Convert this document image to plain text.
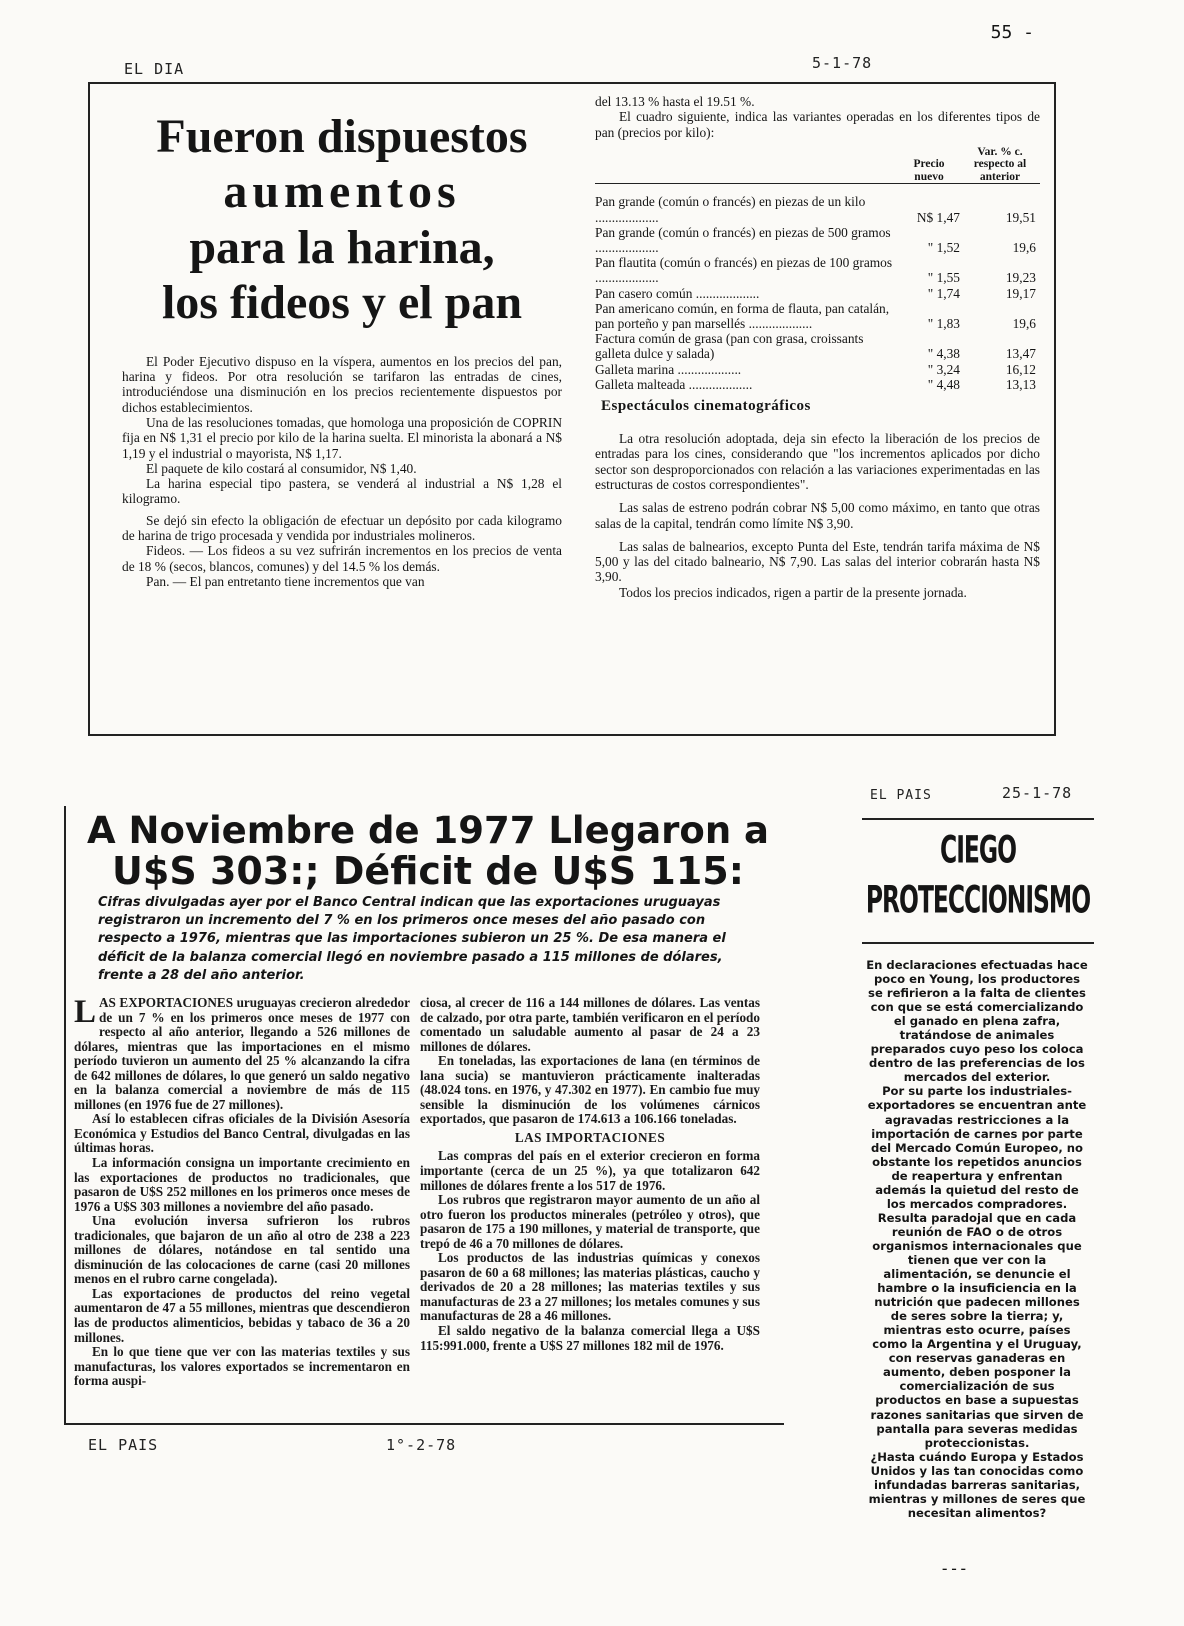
55 -
EL DIA	5-1-78
Fueron dispuestos
aumentos
para la harina,
los fideos y el pan

El Poder Ejecutivo dispuso en la víspera, aumentos en los precios del pan, harina y fideos. Por otra resolución se tarifaron las entradas de cines, introduciéndose una disminución en los precios recientemente dispuestos por dichos establecimientos.

Una de las resoluciones tomadas, que homologa una proposición de COPRIN fija en N$ 1,31 el precio por kilo de la harina suelta. El minorista la abonará a N$ 1,19 y el industrial o mayorista, N$ 1,17.

El paquete de kilo costará al consumidor, N$ 1,40.

La harina especial tipo pastera, se venderá al industrial a N$ 1,28 el kilogramo.

Se dejó sin efecto la obligación de efectuar un depósito por cada kilogramo de harina de trigo procesada y vendida por industriales molineros.

Fideos. — Los fideos a su vez sufrirán incrementos en los precios de venta de 18 % (secos, blancos, comunes) y del 14.5 % los demás.

Pan. — El pan entretanto tiene incrementos que van

del 13.13 % hasta el 19.51 %.

El cuadro siguiente, indica las variantes operadas en los diferentes tipos de pan (precios por kilo):

	Precio nuevo	Var. % c. respecto al anterior
Pan grande (común o francés) en piezas de un kilo ...................	N$ 1,47	19,51
Pan grande (común o francés) en piezas de 500 gramos ...................	" 1,52	19,6
Pan flautita (común o francés) en piezas de 100 gramos ...................	" 1,55	19,23
Pan casero común ...................	" 1,74	19,17
Pan americano común, en forma de flauta, pan catalán, pan porteño y pan marsellés ...................	" 1,83	19,6
Factura común de grasa (pan con grasa, croissants galleta dulce y salada)	" 4,38	13,47
Galleta marina ...................	" 3,24	16,12
Galleta malteada ...................	" 4,48	13,13
Espectáculos cinematográficos

La otra resolución adoptada, deja sin efecto la liberación de los precios de entradas para los cines, considerando que "los incrementos aplicados por dicho sector son desproporcionados con relación a las variaciones experimentadas en las estructuras de costos correspondientes".

Las salas de estreno podrán cobrar N$ 5,00 como máximo, en tanto que otras salas de la capital, tendrán como límite N$ 3,90.

Las salas de balnearios, excepto Punta del Este, tendrán tarifa máxima de N$ 5,00 y las del citado balneario, N$ 7,90. Las salas del interior cobrarán hasta N$ 3,90.

Todos los precios indicados, rigen a partir de la presente jornada.

A Noviembre de 1977 Llegaron a
U$S 303:; Déficit de U$S 115:
Cifras divulgadas ayer por el Banco Central indican que las exportaciones uruguayas registraron un incremento del 7 % en los primeros once meses del año pasado con respecto a 1976, mientras que las importaciones subieron un 25 %. De esa manera el déficit de la balanza comercial llegó en noviembre pasado a 115 millones de dólares, frente a 28 del año anterior.

LAS EXPORTACIONES uruguayas crecieron alrededor de un 7 % en los primeros once meses de 1977 con respecto al año anterior, llegando a 526 millones de dólares, mientras que las importaciones en el mismo período tuvieron un aumento del 25 % alcanzando la cifra de 642 millones de dólares, lo que generó un saldo negativo en la balanza comercial a noviembre de más de 115 millones (en 1976 fue de 27 millones).

Así lo establecen cifras oficiales de la División Asesoría Económica y Estudios del Banco Central, divulgadas en las últimas horas.

La información consigna un importante crecimiento en las exportaciones de productos no tradicionales, que pasaron de U$S 252 millones en los primeros once meses de 1976 a U$S 303 millones a noviembre del año pasado.

Una evolución inversa sufrieron los rubros tradicionales, que bajaron de un año al otro de 238 a 223 millones de dólares, notándose en tal sentido una disminución de las colocaciones de carne (casi 20 millones menos en el rubro carne congelada).

Las exportaciones de productos del reino vegetal aumentaron de 47 a 55 millones, mientras que descendieron las de productos alimenticios, bebidas y tabaco de 36 a 20 millones.

En lo que tiene que ver con las materias textiles y sus manufacturas, los valores exportados se incrementaron en forma auspi-

ciosa, al crecer de 116 a 144 millones de dólares. Las ventas de calzado, por otra parte, también verificaron en el período comentado un saludable aumento al pasar de 24 a 23 millones de dólares.

En toneladas, las exportaciones de lana (en términos de lana sucia) se mantuvieron prácticamente inalteradas (48.024 tons. en 1976, y 47.302 en 1977). En cambio fue muy sensible la disminución de los volúmenes cárnicos exportados, que pasaron de 174.613 a 106.166 toneladas.

LAS IMPORTACIONES

Las compras del país en el exterior crecieron en forma importante (cerca de un 25 %), ya que totalizaron 642 millones de dólares frente a los 517 de 1976.

Los rubros que registraron mayor aumento de un año al otro fueron los productos minerales (petróleo y otros), que pasaron de 175 a 190 millones, y material de transporte, que trepó de 46 a 70 millones de dólares.

Los productos de las industrias químicas y conexos pasaron de 60 a 68 millones; las materias plásticas, caucho y derivados de 20 a 28 millones; las materias textiles y sus manufacturas de 23 a 27 millones; los metales comunes y sus manufacturas de 28 a 46 millones.

El saldo negativo de la balanza comercial llega a U$S 115:991.000, frente a U$S 27 millones 182 mil de 1976.

EL PAIS	1°-2-78
EL PAIS	25-1-78
CIEGO
PROTECCIONISMO

En declaraciones efectuadas hace poco en Young, los productores se refirieron a la falta de clientes con que se está comercializando el ganado en plena zafra, tratándose de animales preparados cuyo peso los coloca dentro de las preferencias de los mercados del exterior.

Por su parte los industriales-exportadores se encuentran ante agravadas restricciones a la importación de carnes por parte del Mercado Común Europeo, no obstante los repetidos anuncios de reapertura y enfrentan además la quietud del resto de los mercados compradores.

Resulta paradojal que en cada reunión de FAO o de otros organismos internacionales que tienen que ver con la alimentación, se denuncie el hambre o la insuficiencia en la nutrición que padecen millones de seres sobre la tierra; y, mientras esto ocurre, países como la Argentina y el Uruguay, con reservas ganaderas en aumento, deben posponer la comercialización de sus productos en base a supuestas razones sanitarias que sirven de pantalla para severas medidas proteccionistas.

¿Hasta cuándo Europa y Estados Unidos y las tan conocidas como infundadas barreras sanitarias, mientras y millones de seres que necesitan alimentos?

- - -
